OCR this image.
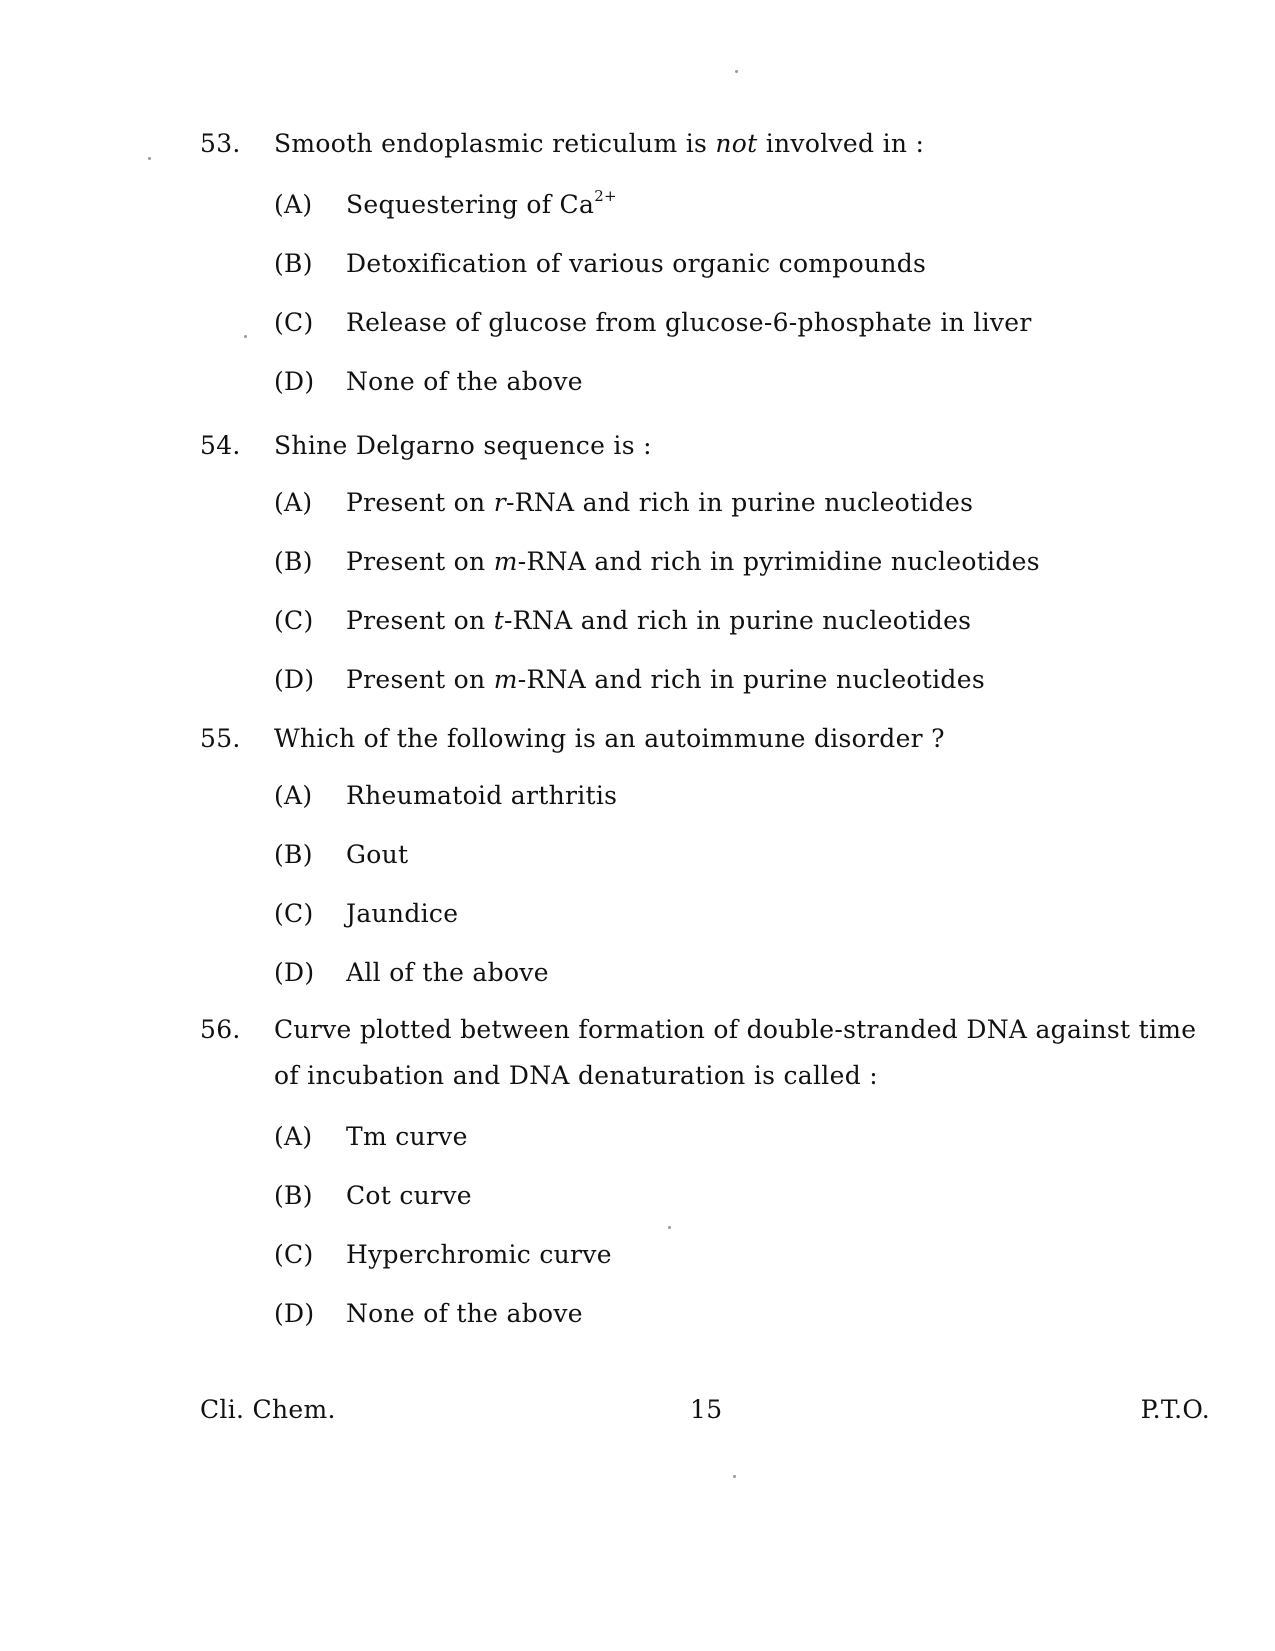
53.	Smooth endoplasmic reticulum is not involved in :
(A)	Sequestering of $Ca^{2+}$
(B)	Detoxification of various organic compounds
(C)	Release of glucose from glucose-6-phosphate in liver
(D)	None of the above
54.	Shine Delgarno sequence is :
(A)	Present on r-RNA and rich in purine nucleotides
(B)	Present on m-RNA and rich in pyrimidine nucleotides
(C)	Present on t-RNA and rich in purine nucleotides
(D)	Present on m-RNA and rich in purine nucleotides
55.	Which of the following is an autoimmune disorder ?
(A)	Rheumatoid arthritis
(B)	Gout
(C)	Jaundice
(D)	All of the above
56.	Curve plotted between formation of double-stranded DNA against time of incubation and DNA denaturation is called :
(A)	Tm curve
(B)	Cot curve
(C)	Hyperchromic curve
(D)	None of the above
Cli. Chem.	15	P.T.O.
